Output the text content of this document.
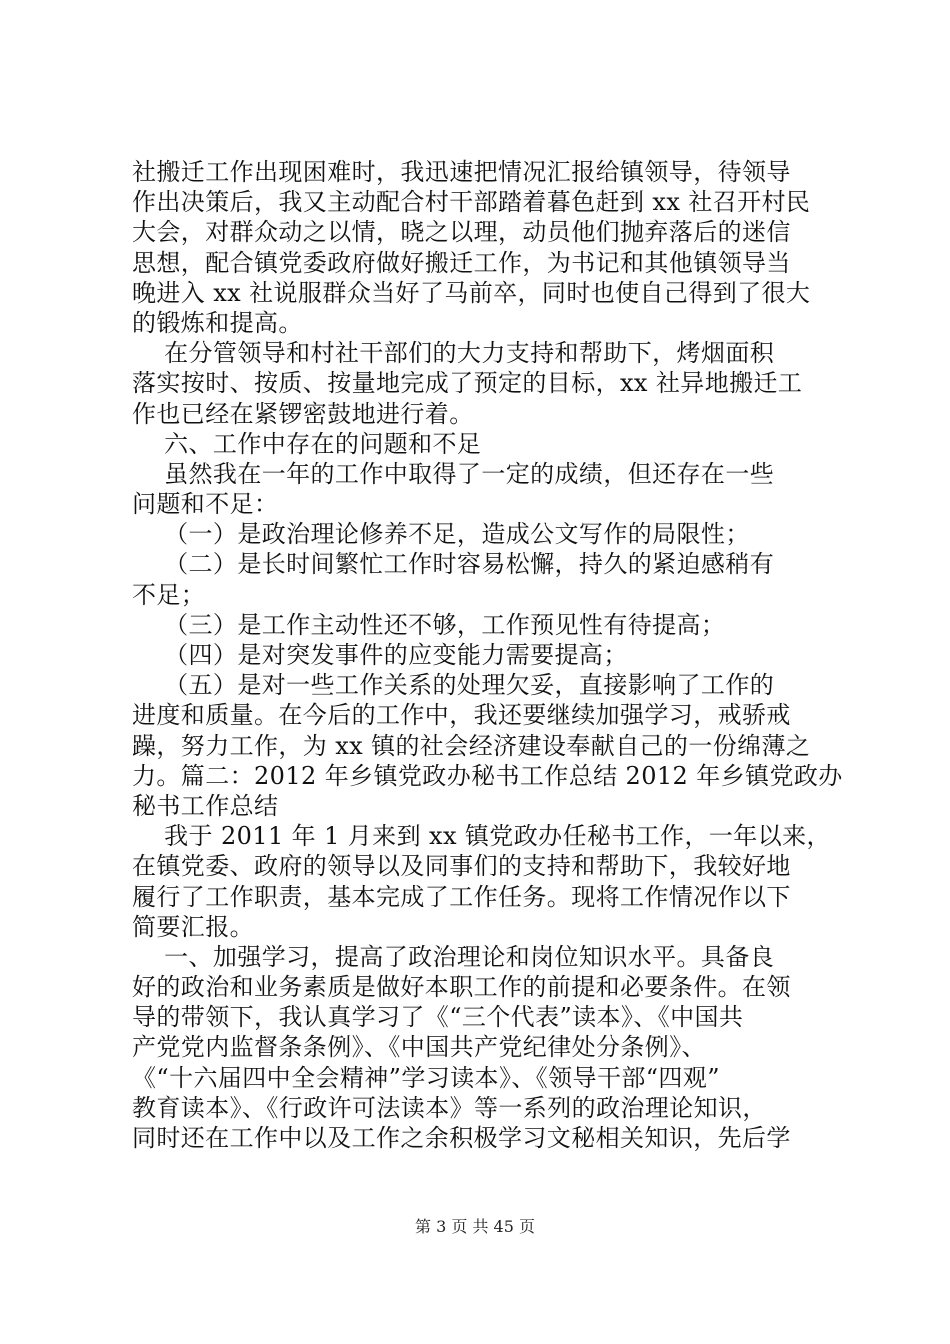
社搬迁工作出现困难时，我迅速把情况汇报给镇领导，待领导
作出决策后，我又主动配合村干部踏着暮色赶到 xx 社召开村民
大会，对群众动之以情，晓之以理，动员他们抛弃落后的迷信
思想，配合镇党委政府做好搬迁工作，为书记和其他镇领导当
晚进入 xx 社说服群众当好了马前卒，同时也使自己得到了很大
的锻炼和提高。
在分管领导和村社干部们的大力支持和帮助下，烤烟面积
落实按时、按质、按量地完成了预定的目标，xx 社异地搬迁工
作也已经在紧锣密鼓地进行着。
六、工作中存在的问题和不足
虽然我在一年的工作中取得了一定的成绩，但还存在一些
问题和不足：
（一）是政治理论修养不足，造成公文写作的局限性；
（二）是长时间繁忙工作时容易松懈，持久的紧迫感稍有
不足；
（三）是工作主动性还不够，工作预见性有待提高；
（四）是对突发事件的应变能力需要提高；
（五）是对一些工作关系的处理欠妥，直接影响了工作的
进度和质量。在今后的工作中，我还要继续加强学习，戒骄戒
躁，努力工作，为 xx 镇的社会经济建设奉献自己的一份绵薄之
力。篇二：2012 年乡镇党政办秘书工作总结 2012 年乡镇党政办
秘书工作总结
我于 2011 年 1 月来到 xx 镇党政办任秘书工作，一年以来，
在镇党委、政府的领导以及同事们的支持和帮助下，我较好地
履行了工作职责，基本完成了工作任务。现将工作情况作以下
简要汇报。
一、加强学习，提高了政治理论和岗位知识水平。具备良
好的政治和业务素质是做好本职工作的前提和必要条件。在领
导的带领下，我认真学习了《“三个代表”读本》、《中国共
产党党内监督条条例》、《中国共产党纪律处分条例》、
《“十六届四中全会精神”学习读本》、《领导干部“四观”
教育读本》、《行政许可法读本》等一系列的政治理论知识，
同时还在工作中以及工作之余积极学习文秘相关知识，先后学
第 3 页 共 45 页
